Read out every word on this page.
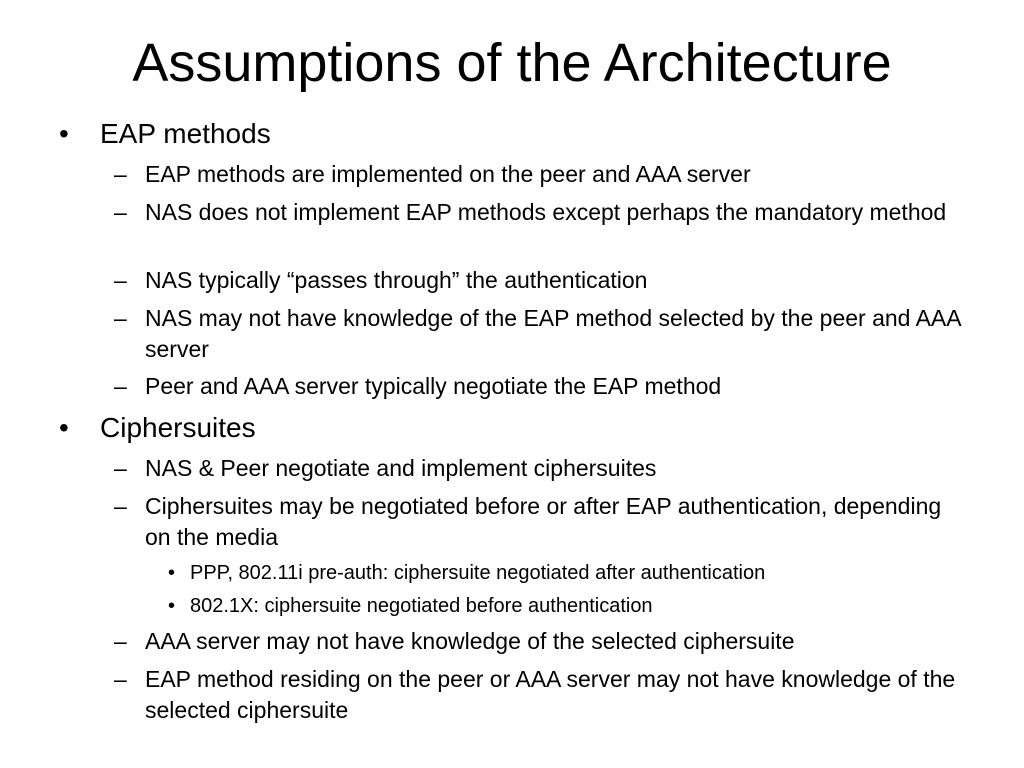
Assumptions of the Architecture
• EAP methods
– EAP methods are implemented on the peer and AAA server
– NAS does not implement EAP methods except perhaps the mandatory method
– NAS typically “passes through” the authentication
– NAS may not have knowledge of the EAP method selected by the peer and AAA server
– Peer and AAA server typically negotiate the EAP method
• Ciphersuites
– NAS & Peer negotiate and implement ciphersuites
– Ciphersuites may be negotiated before or after EAP authentication, depending on the media
• PPP, 802.11i pre-auth: ciphersuite negotiated after authentication
• 802.1X: ciphersuite negotiated before authentication
– AAA server may not have knowledge of the selected ciphersuite
– EAP method residing on the peer or AAA server may not have knowledge of the selected ciphersuite
